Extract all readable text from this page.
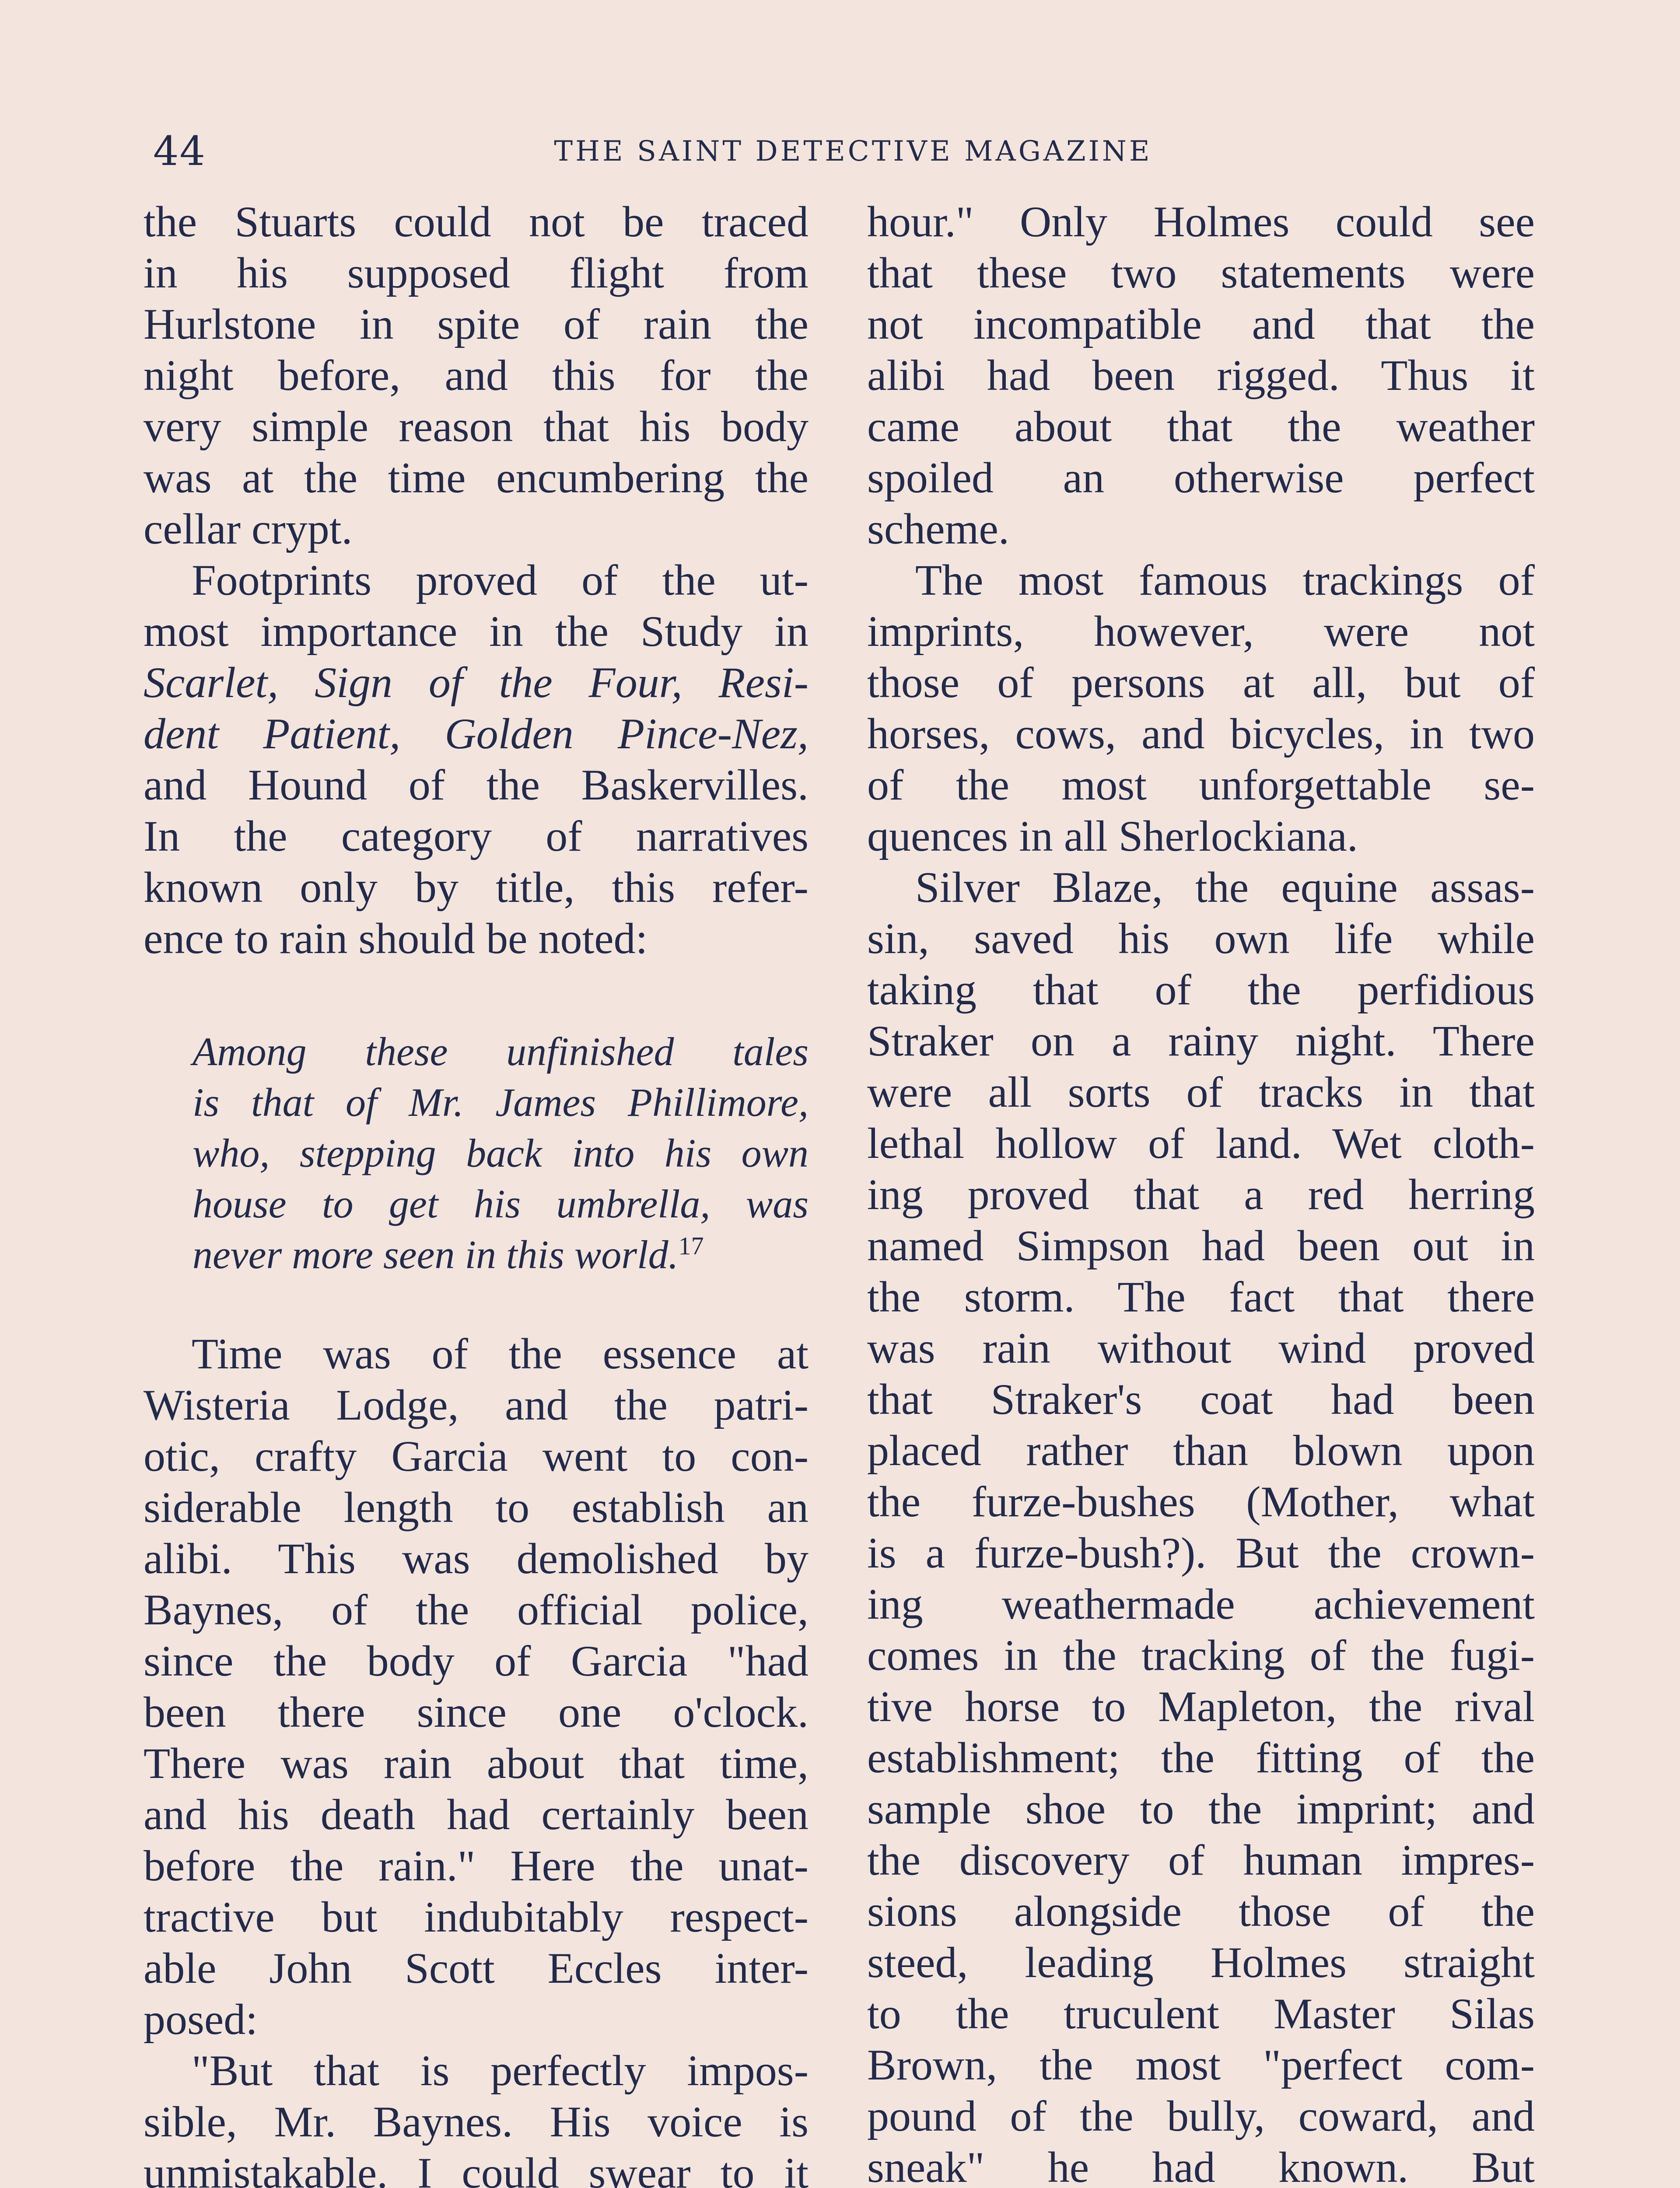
44	THE SAINT DETECTIVE MAGAZINE

the Stuarts could not be traced

in his supposed flight from

Hurlstone in spite of rain the

night before, and this for the

very simple reason that his body

was at the time encumbering the

cellar crypt.

Footprints proved of the ut-

most importance in the Study in

Scarlet, Sign of the Four, Resi-

dent Patient, Golden Pince-Nez,

and Hound of the Baskervilles.

In the category of narratives

known only by title, this refer-

ence to rain should be noted:

Among these unfinished tales

is that of Mr. James Phillimore,

who, stepping back into his own

house to get his umbrella, was

never more seen in this world.$^{17}$

Time was of the essence at

Wisteria Lodge, and the patri-

otic, crafty Garcia went to con-

siderable length to establish an

alibi. This was demolished by

Baynes, of the official police,

since the body of Garcia "had

been there since one o'clock.

There was rain about that time,

and his death had certainly been

before the rain." Here the unat-

tractive but indubitably respect-

able John Scott Eccles inter-

posed:

"But that is perfectly impos-

sible, Mr. Baynes. His voice is

unmistakable. I could swear to it

hour." Only Holmes could see

that these two statements were

not incompatible and that the

alibi had been rigged. Thus it

came about that the weather

spoiled an otherwise perfect

scheme.

The most famous trackings of

imprints, however, were not

those of persons at all, but of

horses, cows, and bicycles, in two

of the most unforgettable se-

quences in all Sherlockiana.

Silver Blaze, the equine assas-

sin, saved his own life while

taking that of the perfidious

Straker on a rainy night. There

were all sorts of tracks in that

lethal hollow of land. Wet cloth-

ing proved that a red herring

named Simpson had been out in

the storm. The fact that there

was rain without wind proved

that Straker's coat had been

placed rather than blown upon

the furze-bushes (Mother, what

is a furze-bush?). But the crown-

ing weathermade achievement

comes in the tracking of the fugi-

tive horse to Mapleton, the rival

establishment; the fitting of the

sample shoe to the imprint; and

the discovery of human impres-

sions alongside those of the

steed, leading Holmes straight

to the truculent Master Silas

Brown, the most "perfect com-

pound of the bully, coward, and

sneak" he had known. But
